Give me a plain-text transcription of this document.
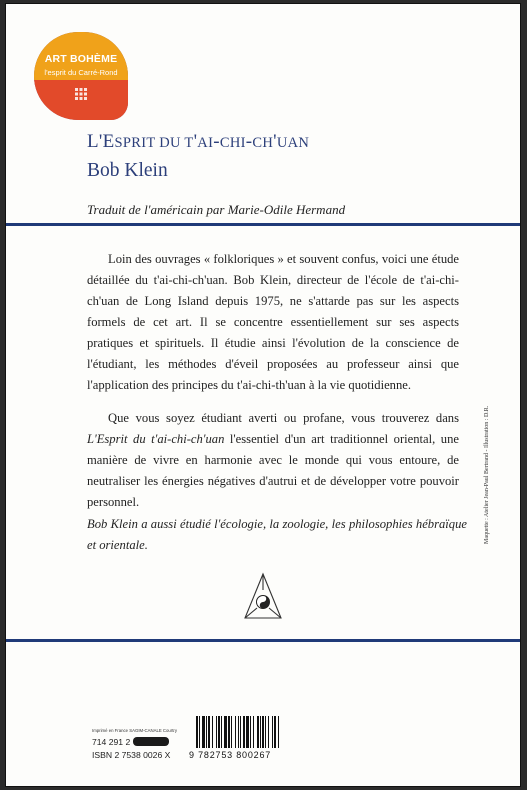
ART BOHÈME
l'esprit du Carré-Rond
L'ESPRIT DU T'AI-CHI-CH'UAN
Bob Klein
Traduit de l'américain par Marie-Odile Hermand

Loin des ouvrages « folkloriques » et souvent confus, voici une étude détaillée du t'ai-chi-ch'uan. Bob Klein, directeur de l'école de t'ai-chi-ch'uan de Long Island depuis 1975, ne s'attarde pas sur les aspects formels de cet art. Il se concentre essentiellement sur ses aspects pratiques et spirituels. Il étudie ainsi l'évolution de la conscience de l'étudiant, les méthodes d'éveil proposées au professeur ainsi que l'application des principes du t'ai-chi-th'uan à la vie quotidienne.

Que vous soyez étudiant averti ou profane, vous trouverez dans L'Esprit du t'ai-chi-ch'uan l'essentiel d'un art traditionnel oriental, une manière de vivre en harmonie avec le monde qui vous entoure, de neutraliser les énergies négatives d'autrui et de développer votre pouvoir personnel.

Bob Klein a aussi étudié l'écologie, la zoologie, les philosophies hébraïque et orientale.

Maquette : Atelier Jean-Paul Bertrand - Illustration : D.R.
Imprimé en France SAGIM-CANALE Courtry
714 291 2
ISBN 2 7538 0026 X 9 782753 800267
